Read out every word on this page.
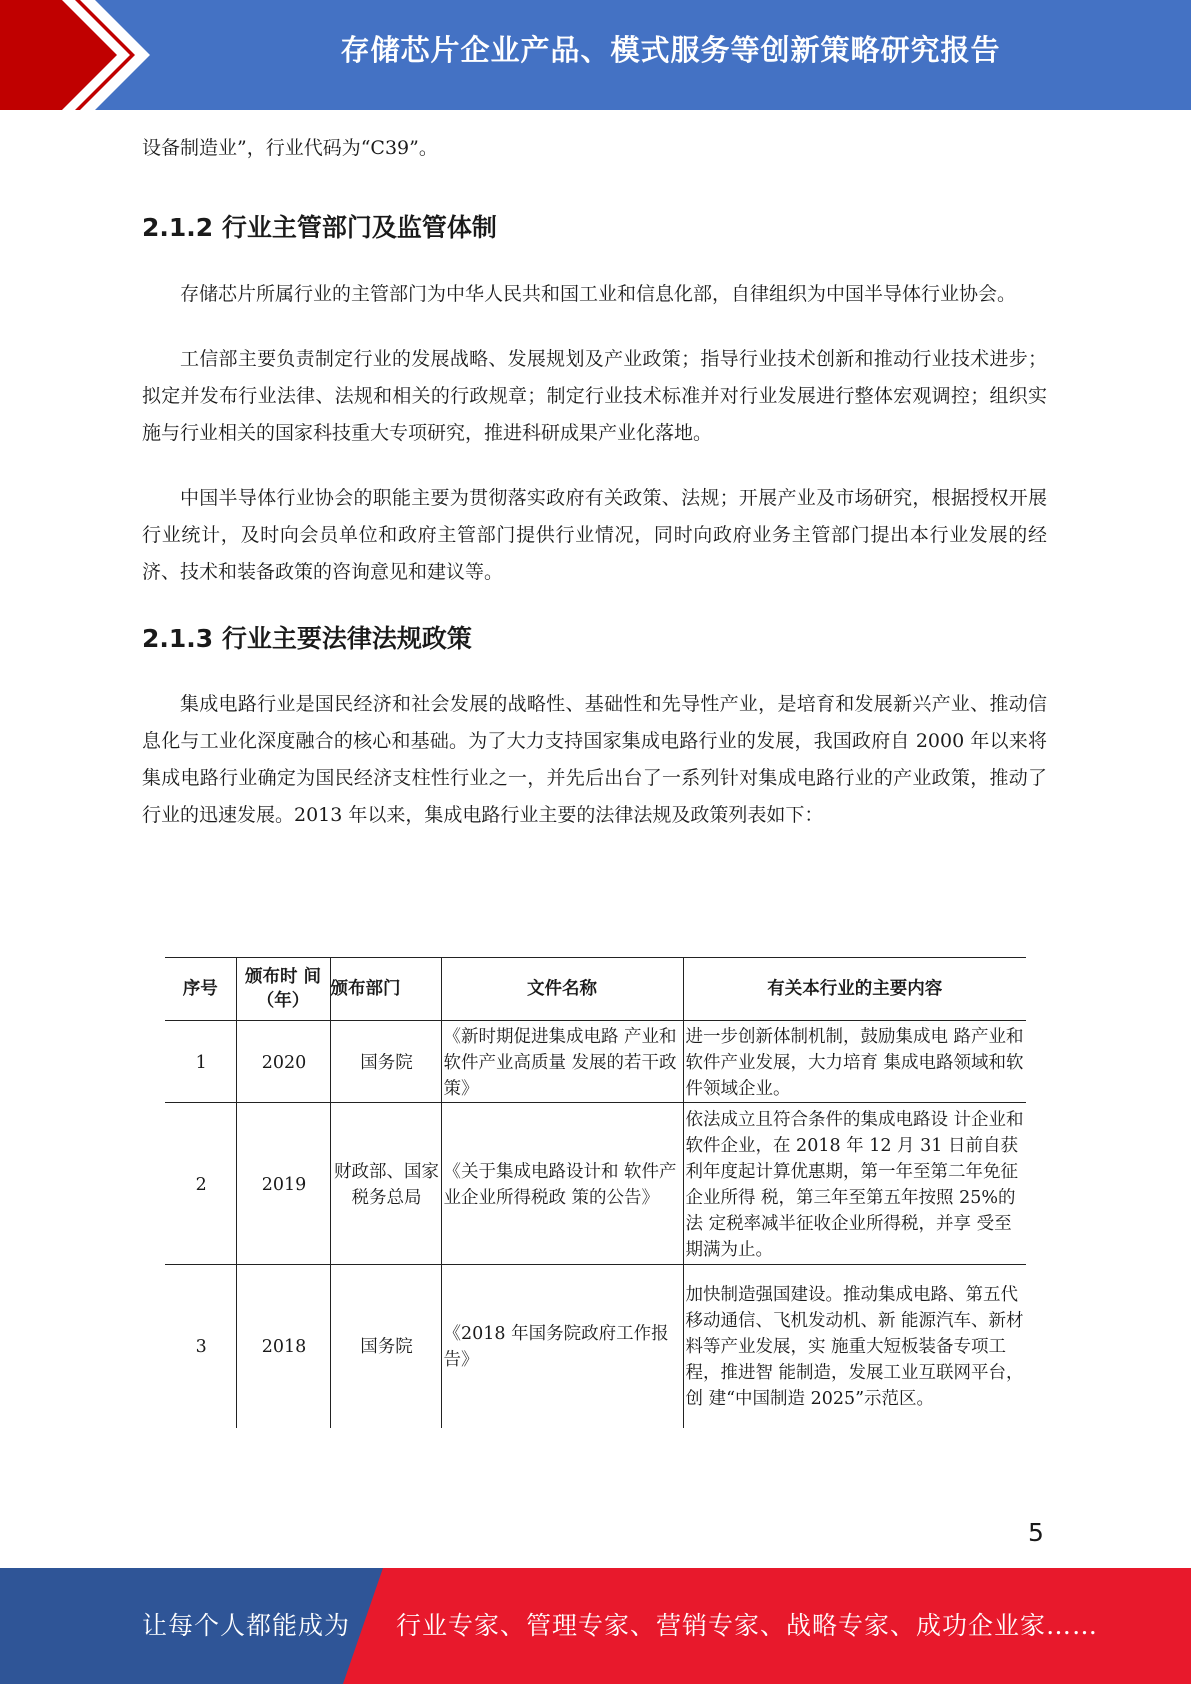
存储芯片企业产品、模式服务等创新策略研究报告

设备制造业”，行业代码为“C39”。

2.1.2 行业主管部门及监管体制

存储芯片所属行业的主管部门为中华人民共和国工业和信息化部，自律组织为中国半导体行业协会。

工信部主要负责制定行业的发展战略、发展规划及产业政策；指导行业技术创新和推动行业技术进步；拟定并发布行业法律、法规和相关的行政规章；制定行业技术标准并对行业发展进行整体宏观调控；组织实施与行业相关的国家科技重大专项研究，推进科研成果产业化落地。

中国半导体行业协会的职能主要为贯彻落实政府有关政策、法规；开展产业及市场研究，根据授权开展行业统计，及时向会员单位和政府主管部门提供行业情况，同时向政府业务主管部门提出本行业发展的经济、技术和装备政策的咨询意见和建议等。

2.1.3 行业主要法律法规政策

集成电路行业是国民经济和社会发展的战略性、基础性和先导性产业，是培育和发展新兴产业、推动信息化与工业化深度融合的核心和基础。为了大力支持国家集成电路行业的发展，我国政府自 2000 年以来将集成电路行业确定为国民经济支柱性行业之一，并先后出台了一系列针对集成电路行业的产业政策，推动了行业的迅速发展。2013 年以来，集成电路行业主要的法律法规及政策列表如下：

序号	颁布时 间（年）	颁布部门	文件名称	有关本行业的主要内容
1	2020	国务院	《新时期促进集成电路 产业和软件产业高质量 发展的若干政策》	进一步创新体制机制，鼓励集成电 路产业和软件产业发展，大力培育 集成电路领域和软件领域企业。
2	2019	财政部、国家税务总局	《关于集成电路设计和 软件产业企业所得税政 策的公告》	依法成立且符合条件的集成电路设 计企业和软件企业，在 2018 年 12 月 31 日前自获利年度起计算优惠期，第一年至第二年免征企业所得 税，第三年至第五年按照 25%的法 定税率减半征收企业所得税，并享 受至期满为止。
3	2018	国务院	《2018 年国务院政府工作报告》	加快制造强国建设。推动集成电路、第五代移动通信、飞机发动机、新 能源汽车、新材料等产业发展，实 施重大短板装备专项工程，推进智 能制造，发展工业互联网平台，创 建“中国制造 2025”示范区。
5
让每个人都能成为 行业专家、管理专家、营销专家、战略专家、成功企业家……
